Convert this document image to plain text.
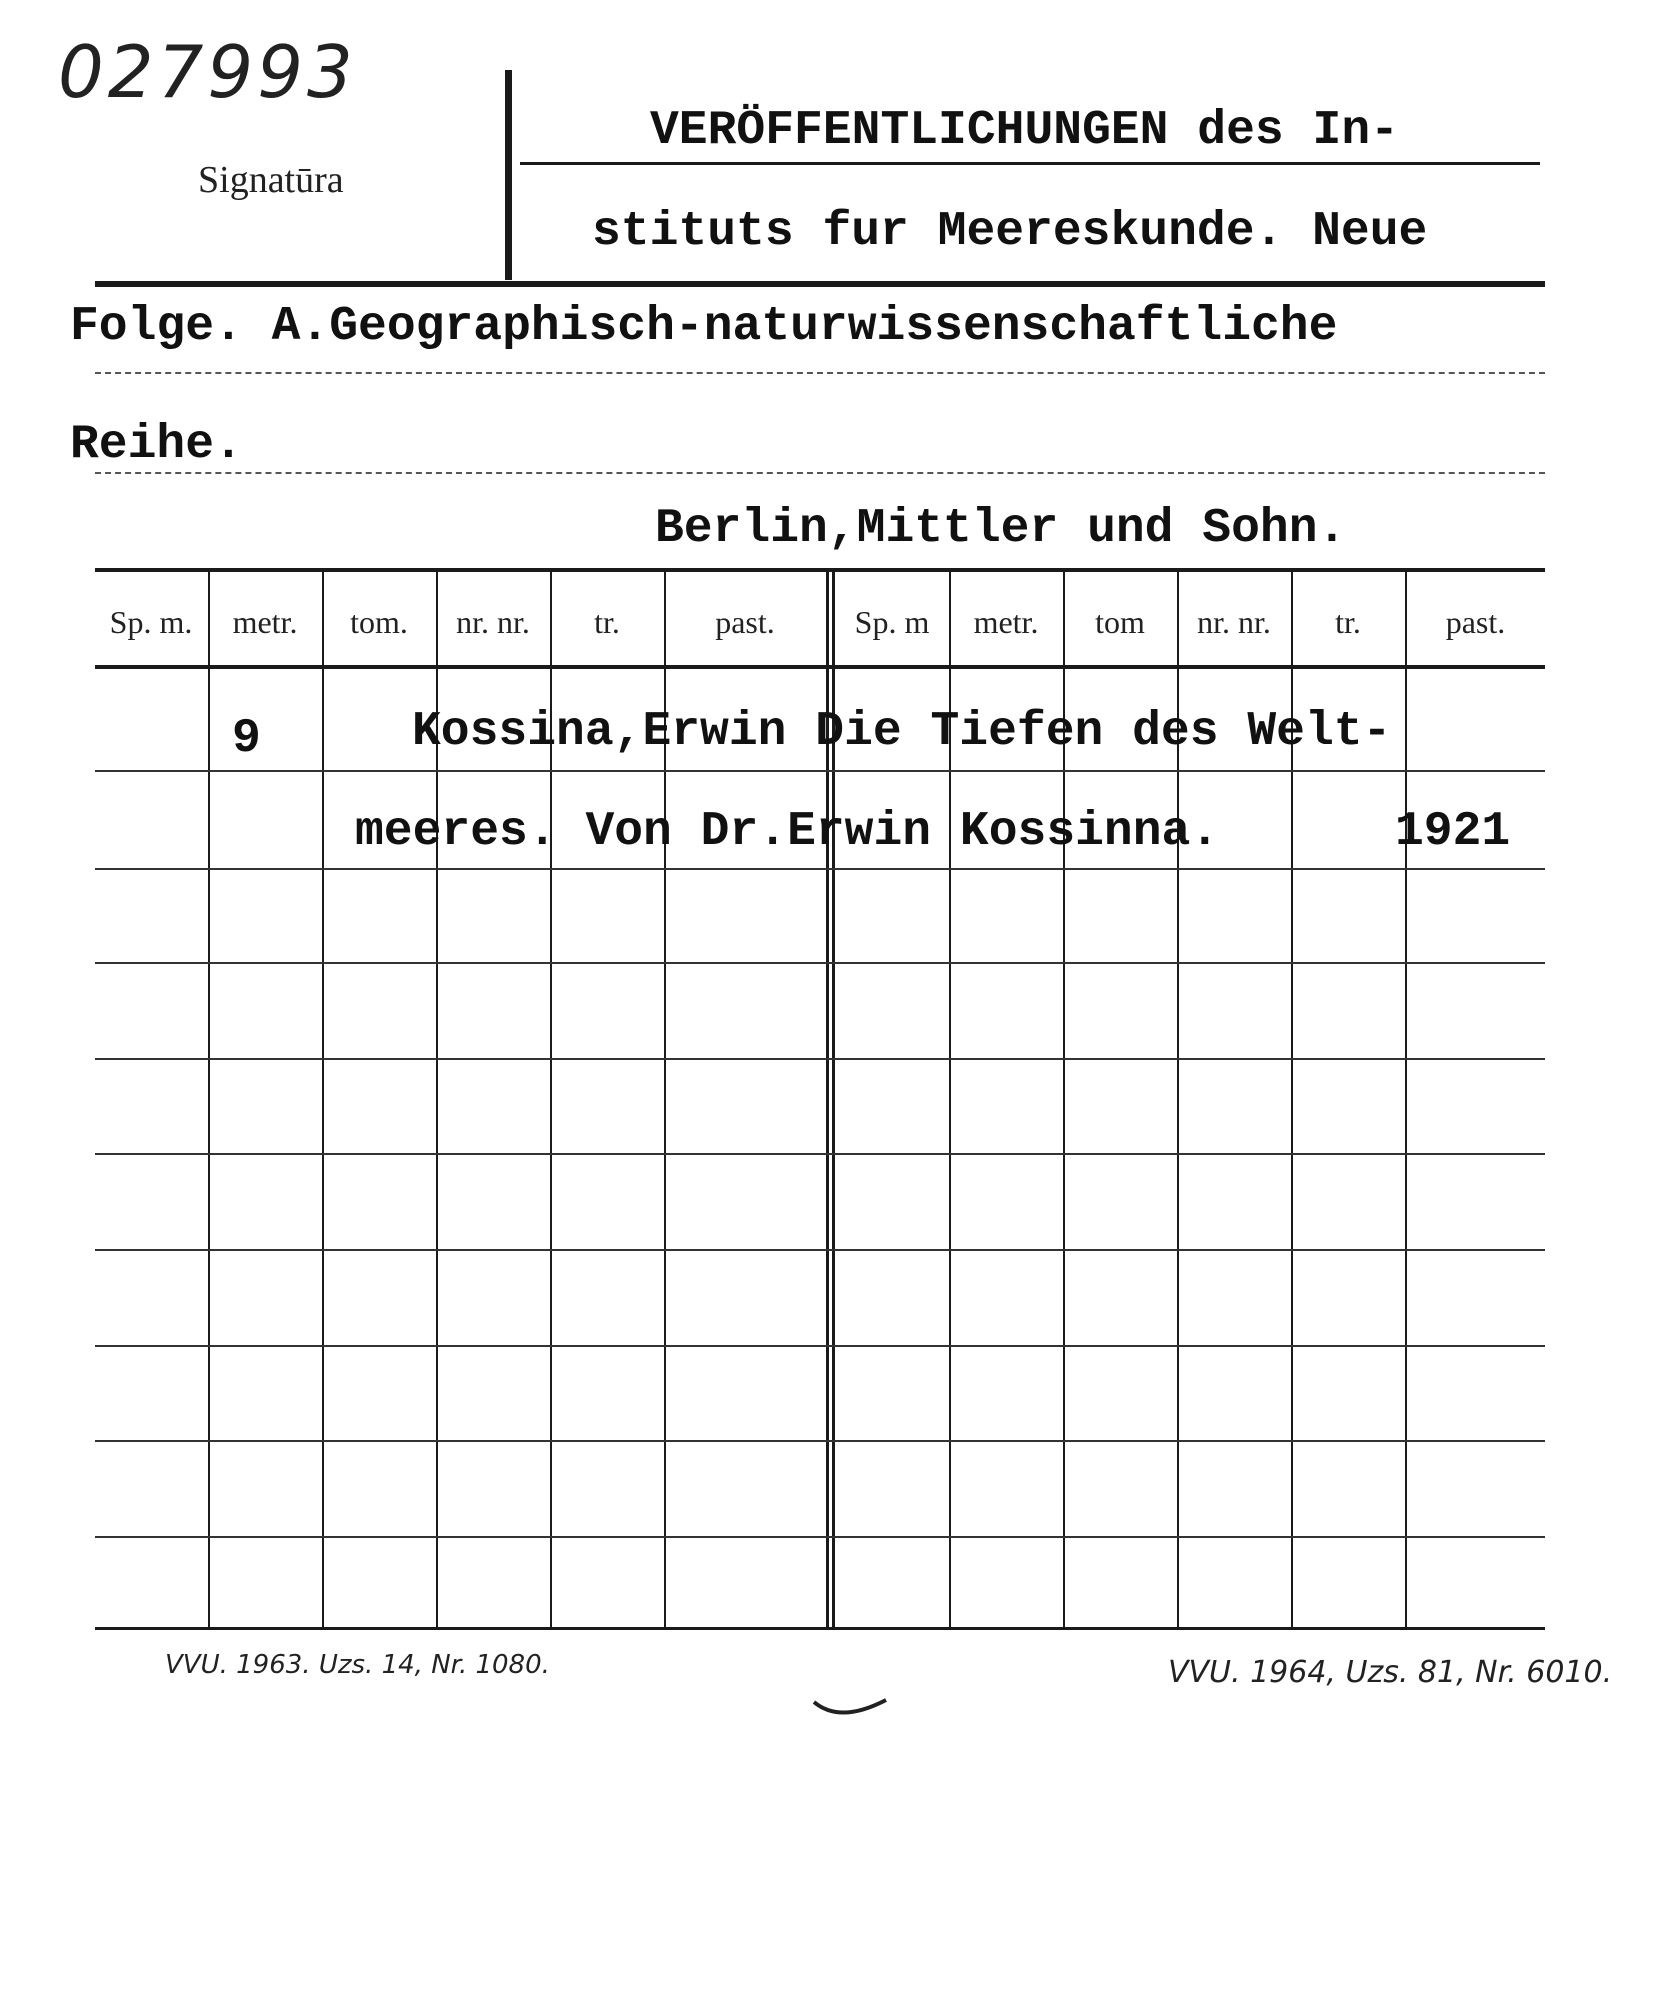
027993
Signatūra
VERÖFFENTLICHUNGEN des In-
stituts fur Meereskunde. Neue
Folge. A.Geographisch-naturwissenschaftliche
Reihe.
Berlin,Mittler und Sohn.
Sp. m.	metr.	tom.	nr. nr.	tr.	past.	Sp. m	metr.	tom	nr. nr.	tr.	past.
9	Kossina,Erwin Die Tiefen des Welt-
meeres. Von Dr.Erwin Kossinna.	1921
VVU. 1963. Uzs. 14, Nr. 1080.	VVU. 1964, Uzs. 81, Nr. 6010.
